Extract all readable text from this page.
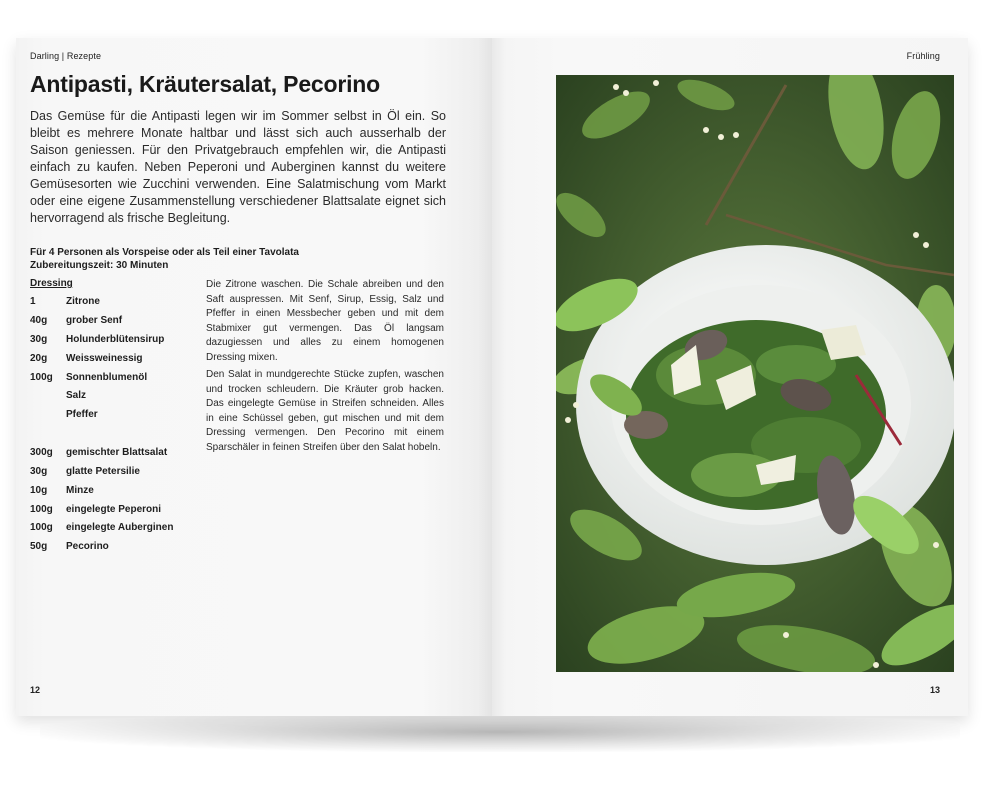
Darling | Rezepte
Antipasti, Kräutersalat, Pecorino

Das Gemüse für die Antipasti legen wir im Sommer selbst in Öl ein. So bleibt es mehrere Monate haltbar und lässt sich auch ausserhalb der Saison geniessen. Für den Privatgebrauch empfehlen wir, die Antipasti einfach zu kaufen. Neben Peperoni und Auberginen kannst du weitere Gemüsesorten wie Zucchini verwenden. Eine Salatmischung vom Markt oder eine eigene Zusammenstellung verschiedener Blattsalate eignet sich hervorragend als frische Begleitung.

Für 4 Personen als Vorspeise oder als Teil einer Tavolata
Zubereitungszeit: 30 Minuten
Dressing
1	Zitrone
40g grober Senf
30g Holunderblütensirup
20g Weissweinessig
100g Sonnenblumenöl
Salz
Pfeffer
300g gemischter Blattsalat
30g glatte Petersilie
10g Minze
100g eingelegte Peperoni
100g eingelegte Auberginen
50g Pecorino

Die Zitrone waschen. Die Schale abreiben und den Saft auspressen. Mit Senf, Sirup, Essig, Salz und Pfeffer in einen Messbecher geben und mit dem Stabmixer gut vermengen. Das Öl langsam dazugiessen und alles zu einem homogenen Dressing mixen.

Den Salat in mundgerechte Stücke zupfen, waschen und trocken schleudern. Die Kräuter grob hacken. Das eingelegte Gemüse in Streifen schneiden. Alles in eine Schüssel geben, gut mischen und mit dem Dressing vermengen. Den Pecorino mit einem Sparschäler in feinen Streifen über den Salat hobeln.

12
Frühling
13
